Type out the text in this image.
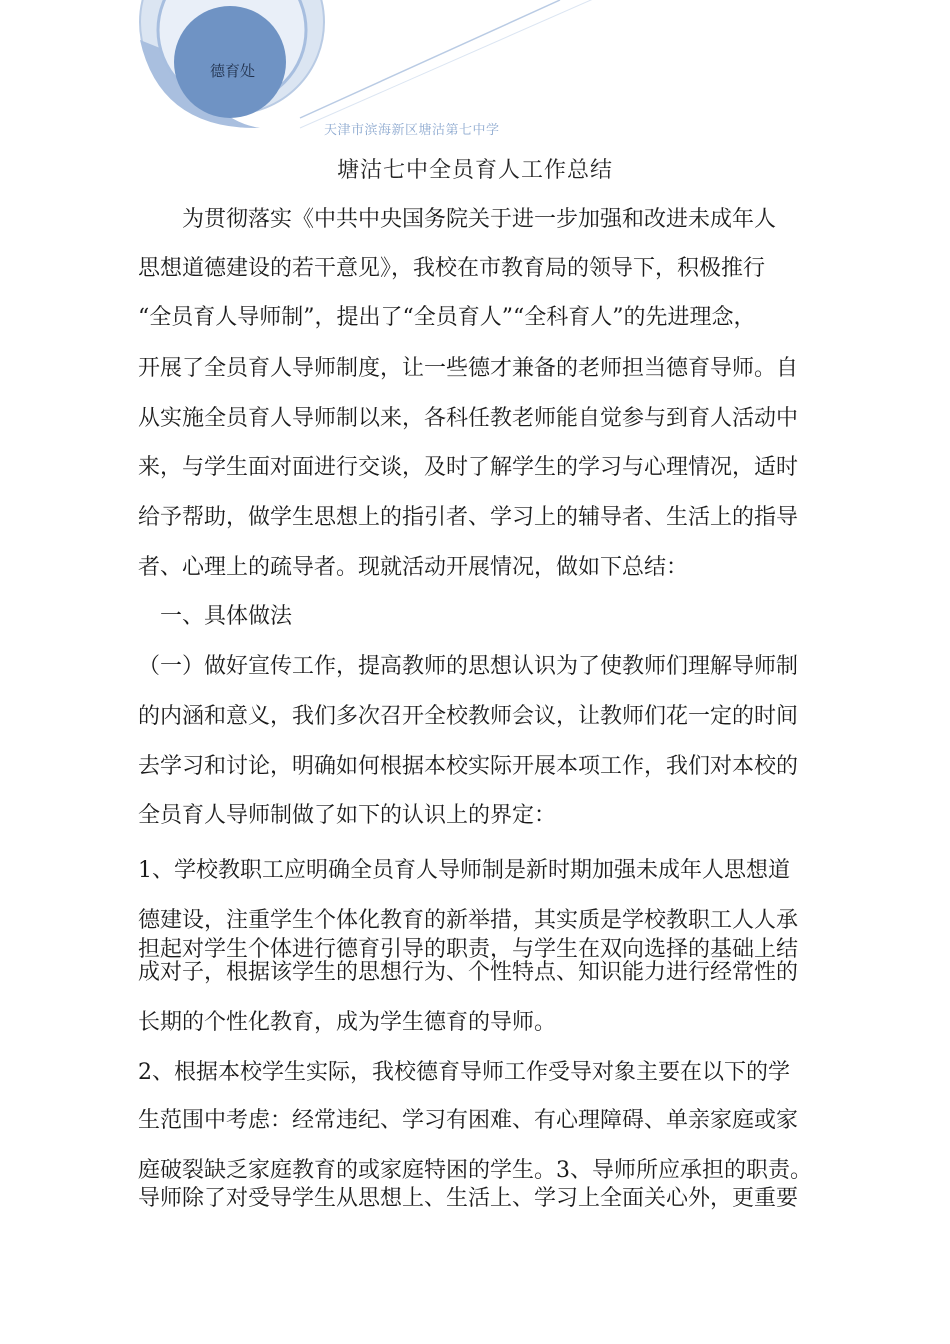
德育处
天津市滨海新区塘沽第七中学
塘沽七中全员育人工作总结
　　为贯彻落实《中共中央国务院关于进一步加强和改进未成年人
思想道德建设的若干意见》，我校在市教育局的领导下，积极推行
“全员育人导师制”，提出了“全员育人”“全科育人”的先进理念，
开展了全员育人导师制度，让一些德才兼备的老师担当德育导师。自
从实施全员育人导师制以来，各科任教老师能自觉参与到育人活动中
来，与学生面对面进行交谈，及时了解学生的学习与心理情况，适时
给予帮助，做学生思想上的指引者、学习上的辅导者、生活上的指导
者、心理上的疏导者。现就活动开展情况，做如下总结：
　一、具体做法
（一）做好宣传工作，提高教师的思想认识为了使教师们理解导师制
的内涵和意义，我们多次召开全校教师会议，让教师们花一定的时间
去学习和讨论，明确如何根据本校实际开展本项工作，我们对本校的
全员育人导师制做了如下的认识上的界定：
1、学校教职工应明确全员育人导师制是新时期加强未成年人思想道
德建设，注重学生个体化教育的新举措，其实质是学校教职工人人承
担起对学生个体进行德育引导的职责，与学生在双向选择的基础上结
成对子，根据该学生的思想行为、个性特点、知识能力进行经常性的
长期的个性化教育，成为学生德育的导师。
2、根据本校学生实际，我校德育导师工作受导对象主要在以下的学
生范围中考虑：经常违纪、学习有困难、有心理障碍、单亲家庭或家
庭破裂缺乏家庭教育的或家庭特困的学生。3、导师所应承担的职责。
导师除了对受导学生从思想上、生活上、学习上全面关心外，更重要
